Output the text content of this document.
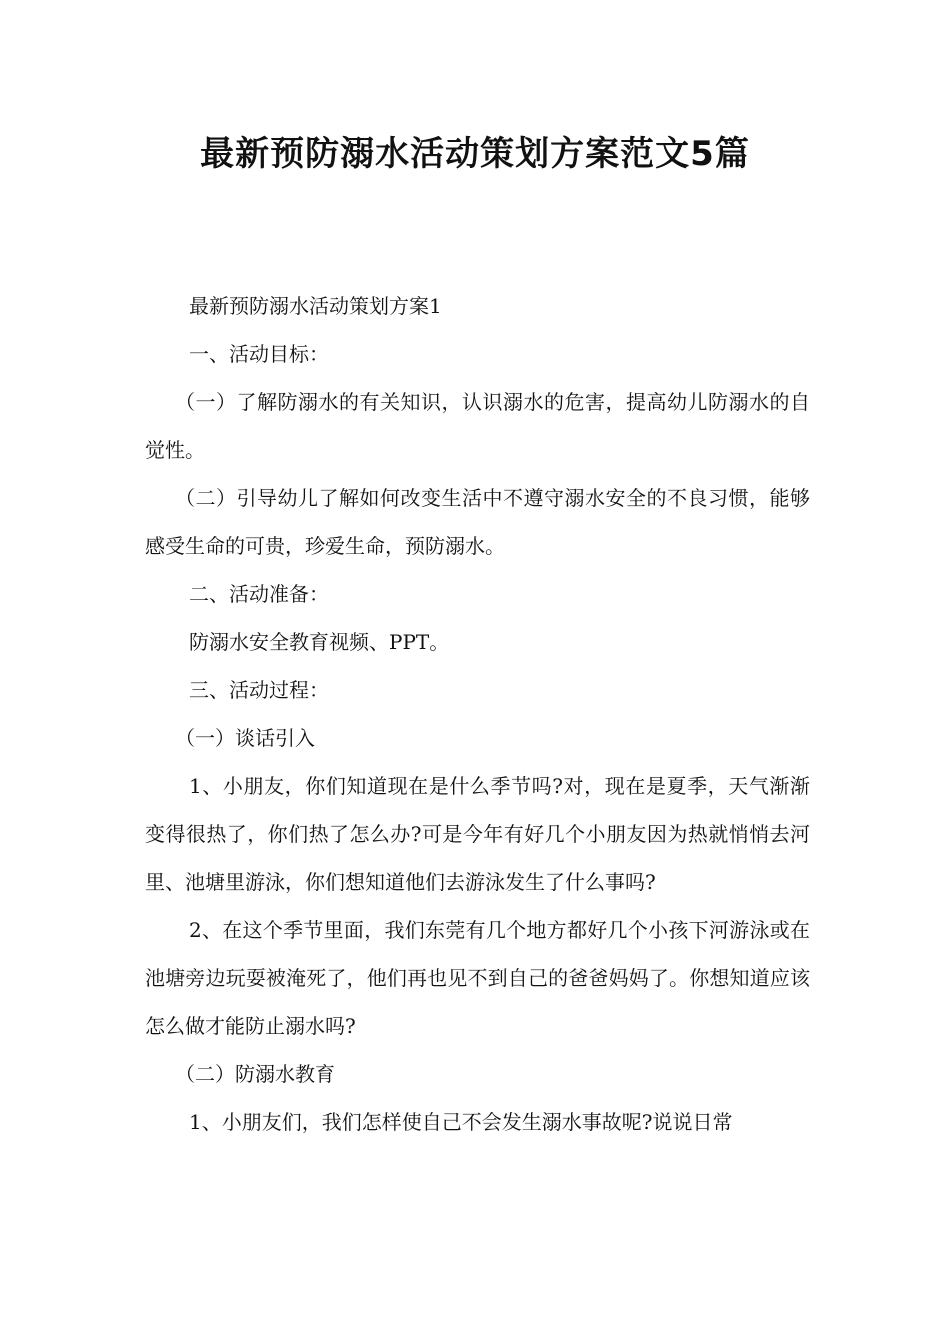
最新预防溺水活动策划方案范文5篇

最新预防溺水活动策划方案1

一、活动目标：

（一）了解防溺水的有关知识，认识溺水的危害，提高幼儿防溺水的自觉性。

（二）引导幼儿了解如何改变生活中不遵守溺水安全的不良习惯，能够感受生命的可贵，珍爱生命，预防溺水。

二、活动准备：

防溺水安全教育视频、PPT。

三、活动过程：

（一）谈话引入

1、小朋友，你们知道现在是什么季节吗?对，现在是夏季，天气渐渐变得很热了，你们热了怎么办?可是今年有好几个小朋友因为热就悄悄去河里、池塘里游泳，你们想知道他们去游泳发生了什么事吗?

2、在这个季节里面，我们东莞有几个地方都好几个小孩下河游泳或在池塘旁边玩耍被淹死了，他们再也见不到自己的爸爸妈妈了。你想知道应该怎么做才能防止溺水吗?

（二）防溺水教育

1、小朋友们，我们怎样使自己不会发生溺水事故呢?说说日常
